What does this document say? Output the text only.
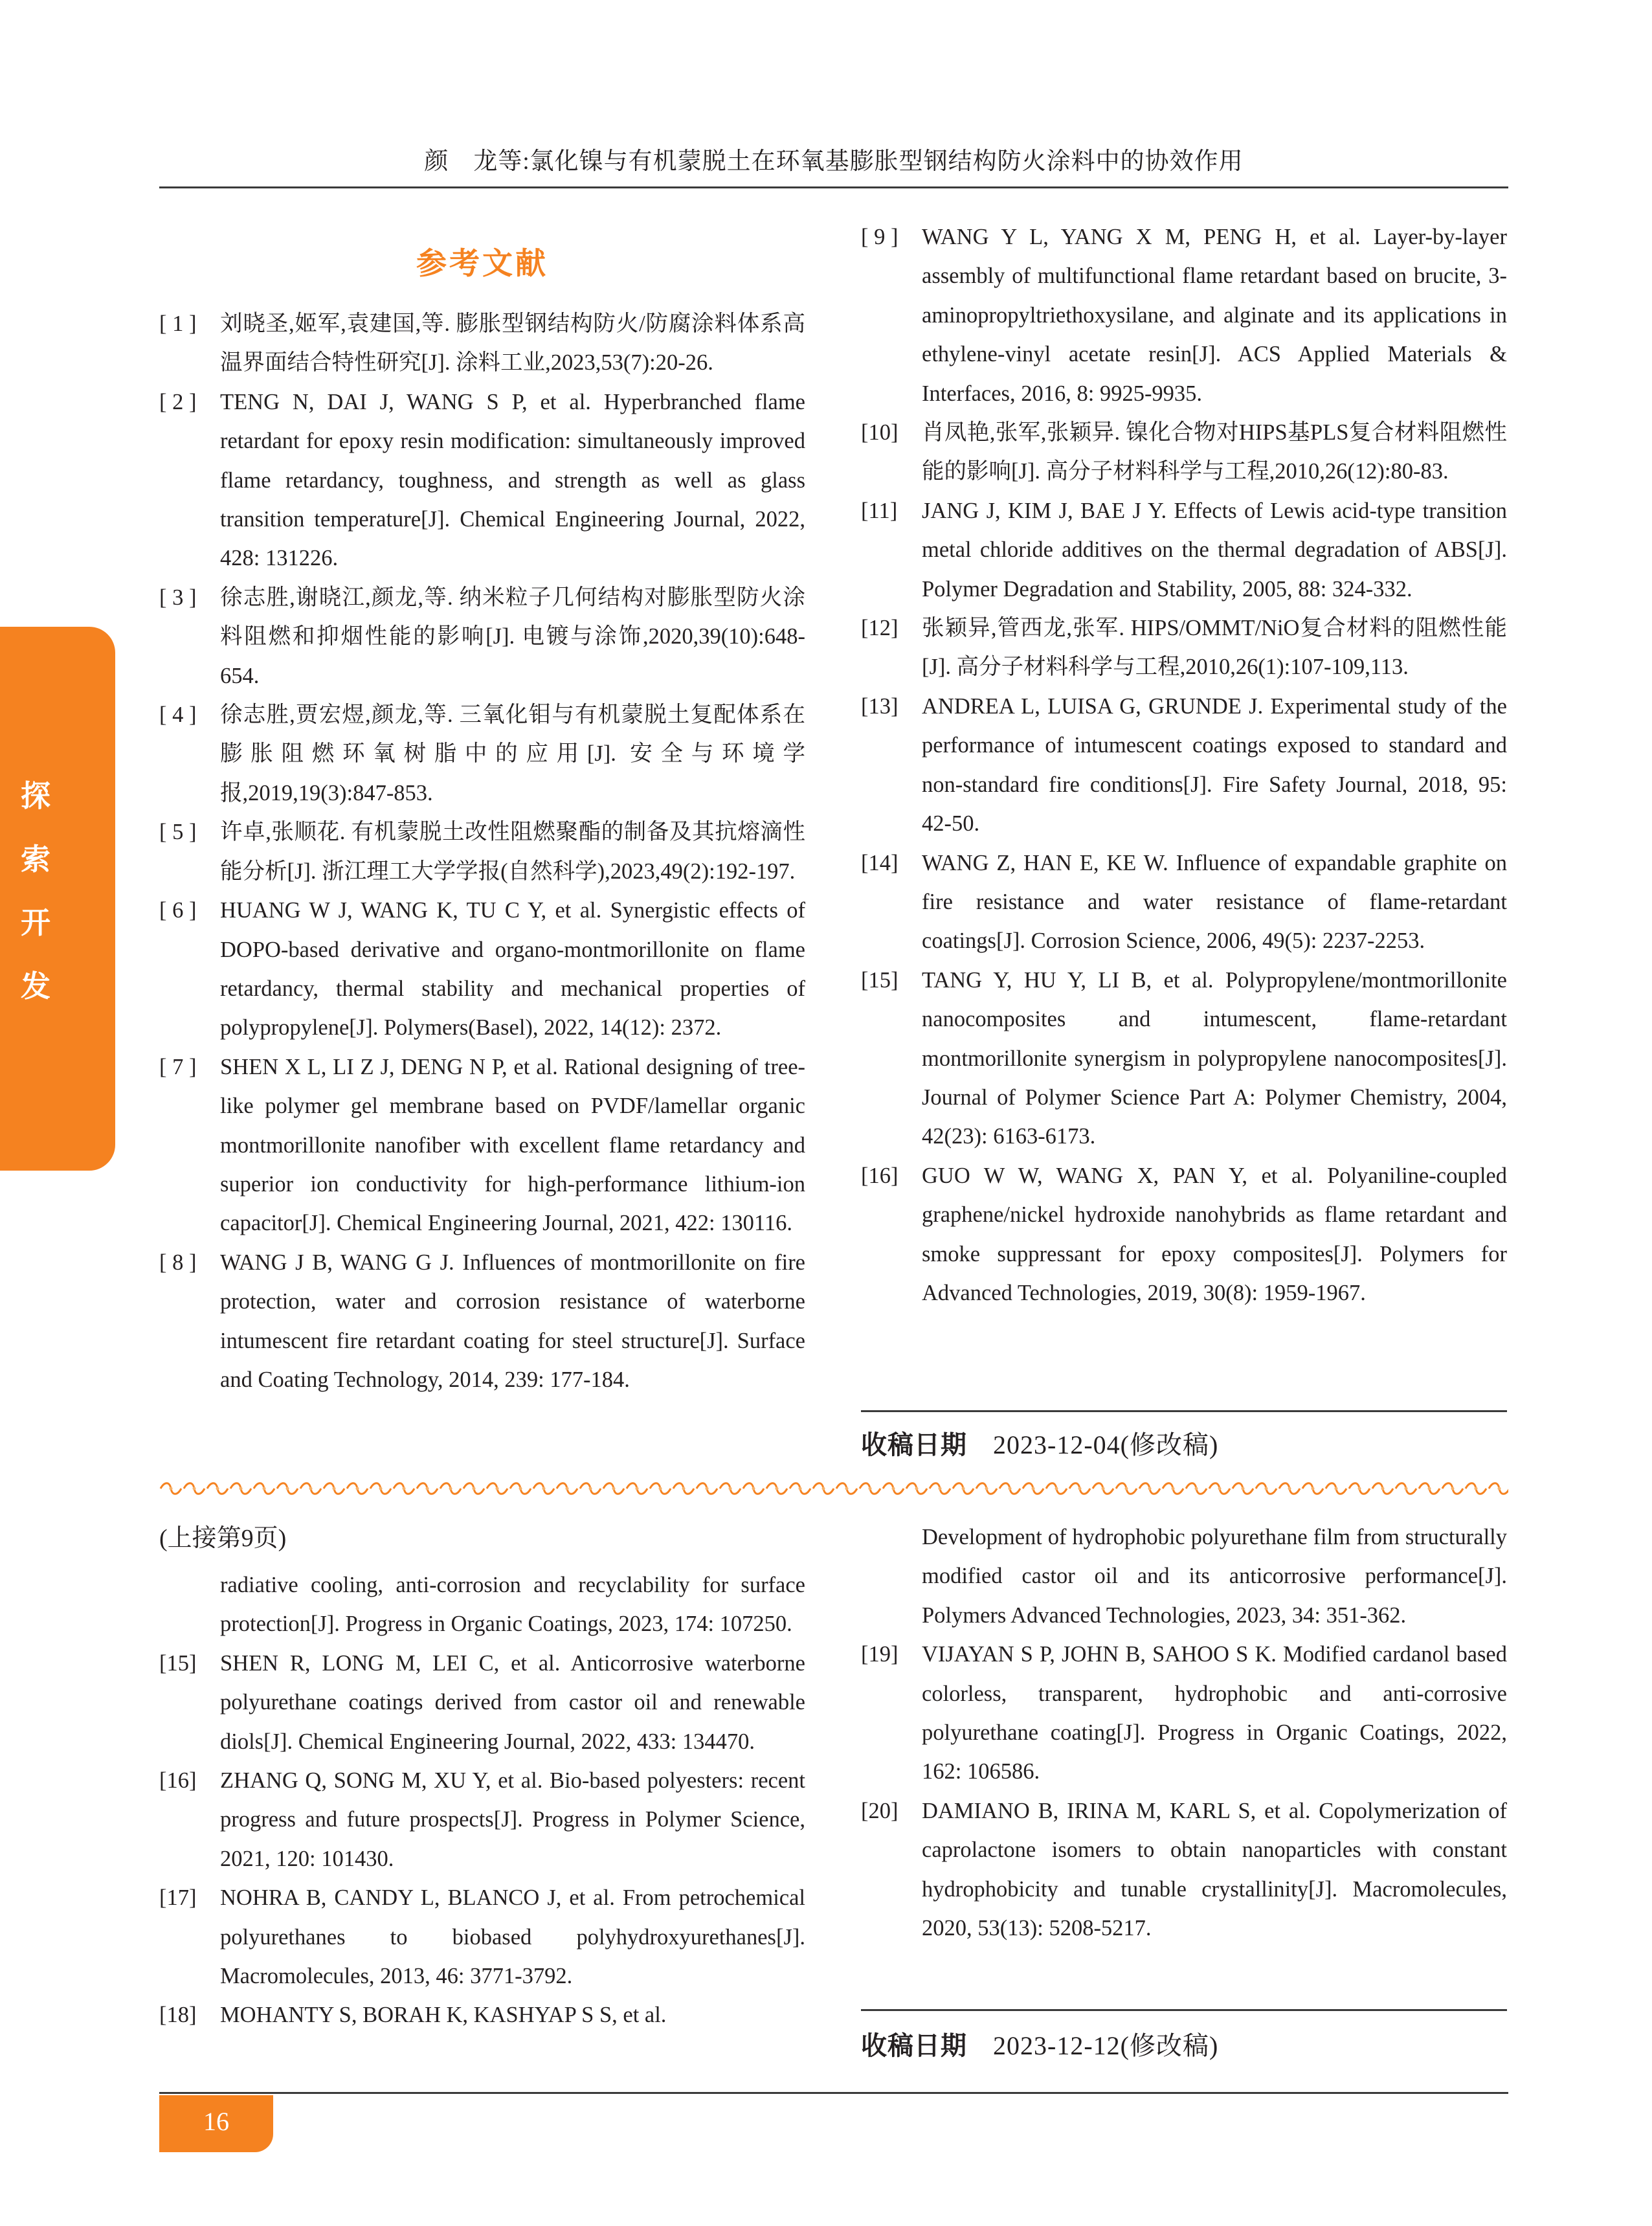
颜　龙等:氯化镍与有机蒙脱土在环氧基膨胀型钢结构防火涂料中的协效作用
探
索
开
发
参考文献
[ 1 ]	刘晓圣,姬军,袁建国,等. 膨胀型钢结构防火/防腐涂料体系高温界面结合特性研究[J]. 涂料工业,2023,53(7):20-26.
[ 2 ]	TENG N, DAI J, WANG S P, et al. Hyperbranched flame retardant for epoxy resin modification: simultaneously improved flame retardancy, toughness, and strength as well as glass transition temperature[J]. Chemical Engineering Journal, 2022, 428: 131226.
[ 3 ]	徐志胜,谢晓江,颜龙,等. 纳米粒子几何结构对膨胀型防火涂料阻燃和抑烟性能的影响[J]. 电镀与涂饰,2020,39(10):648-654.
[ 4 ]	徐志胜,贾宏煜,颜龙,等. 三氧化钼与有机蒙脱土复配体系在膨胀阻燃环氧树脂中的应用[J]. 安全与环境学报,2019,19(3):847-853.
[ 5 ]	许卓,张顺花. 有机蒙脱土改性阻燃聚酯的制备及其抗熔滴性能分析[J]. 浙江理工大学学报(自然科学),2023,49(2):192-197.
[ 6 ]	HUANG W J, WANG K, TU C Y, et al. Synergistic effects of DOPO-based derivative and organo-montmorillonite on flame retardancy, thermal stability and mechanical properties of polypropylene[J]. Polymers(Basel), 2022, 14(12): 2372.
[ 7 ]	SHEN X L, LI Z J, DENG N P, et al. Rational designing of tree-like polymer gel membrane based on PVDF/lamellar organic montmorillonite nanofiber with excellent flame retardancy and superior ion conductivity for high-performance lithium-ion capacitor[J]. Chemical Engineering Journal, 2021, 422: 130116.
[ 8 ]	WANG J B, WANG G J. Influences of montmorillonite on fire protection, water and corrosion resistance of waterborne intumescent fire retardant coating for steel structure[J]. Surface and Coating Technology, 2014, 239: 177-184.
[ 9 ]	WANG Y L, YANG X M, PENG H, et al. Layer-by-layer assembly of multifunctional flame retardant based on brucite, 3-aminopropyltriethoxysilane, and alginate and its applications in ethylene-vinyl acetate resin[J]. ACS Applied Materials & Interfaces, 2016, 8: 9925-9935.
[10]	肖凤艳,张军,张颖异. 镍化合物对HIPS基PLS复合材料阻燃性能的影响[J]. 高分子材料科学与工程,2010,26(12):80-83.
[11]	JANG J, KIM J, BAE J Y. Effects of Lewis acid-type transition metal chloride additives on the thermal degradation of ABS[J]. Polymer Degradation and Stability, 2005, 88: 324-332.
[12]	张颖异,管西龙,张军. HIPS/OMMT/NiO复合材料的阻燃性能[J]. 高分子材料科学与工程,2010,26(1):107-109,113.
[13]	ANDREA L, LUISA G, GRUNDE J. Experimental study of the performance of intumescent coatings exposed to standard and non-standard fire conditions[J]. Fire Safety Journal, 2018, 95: 42-50.
[14]	WANG Z, HAN E, KE W. Influence of expandable graphite on fire resistance and water resistance of flame-retardant coatings[J]. Corrosion Science, 2006, 49(5): 2237-2253.
[15]	TANG Y, HU Y, LI B, et al. Polypropylene/montmorillonite nanocomposites and intumescent, flame-retardant montmorillonite synergism in polypropylene nanocomposites[J]. Journal of Polymer Science Part A: Polymer Chemistry, 2004, 42(23): 6163-6173.
[16]	GUO W W, WANG X, PAN Y, et al. Polyaniline-coupled graphene/nickel hydroxide nanohybrids as flame retardant and smoke suppressant for epoxy composites[J]. Polymers for Advanced Technologies, 2019, 30(8): 1959-1967.
收稿日期 2023-12-04(修改稿)
(上接第9页)
radiative cooling, anti-corrosion and recyclability for surface protection[J]. Progress in Organic Coatings, 2023, 174: 107250.
[15]	SHEN R, LONG M, LEI C, et al. Anticorrosive waterborne polyurethane coatings derived from castor oil and renewable diols[J]. Chemical Engineering Journal, 2022, 433: 134470.
[16]	ZHANG Q, SONG M, XU Y, et al. Bio-based polyesters: recent progress and future prospects[J]. Progress in Polymer Science, 2021, 120: 101430.
[17]	NOHRA B, CANDY L, BLANCO J, et al. From petrochemical polyurethanes to biobased polyhydroxyurethanes[J]. Macromolecules, 2013, 46: 3771-3792.
[18]	MOHANTY S, BORAH K, KASHYAP S S, et al.
Development of hydrophobic polyurethane film from structurally modified castor oil and its anticorrosive performance[J]. Polymers Advanced Technologies, 2023, 34: 351-362.
[19]	VIJAYAN S P, JOHN B, SAHOO S K. Modified cardanol based colorless, transparent, hydrophobic and anti-corrosive polyurethane coating[J]. Progress in Organic Coatings, 2022, 162: 106586.
[20]	DAMIANO B, IRINA M, KARL S, et al. Copolymerization of caprolactone isomers to obtain nanoparticles with constant hydrophobicity and tunable crystallinity[J]. Macromolecules, 2020, 53(13): 5208-5217.
收稿日期 2023-12-12(修改稿)
16
